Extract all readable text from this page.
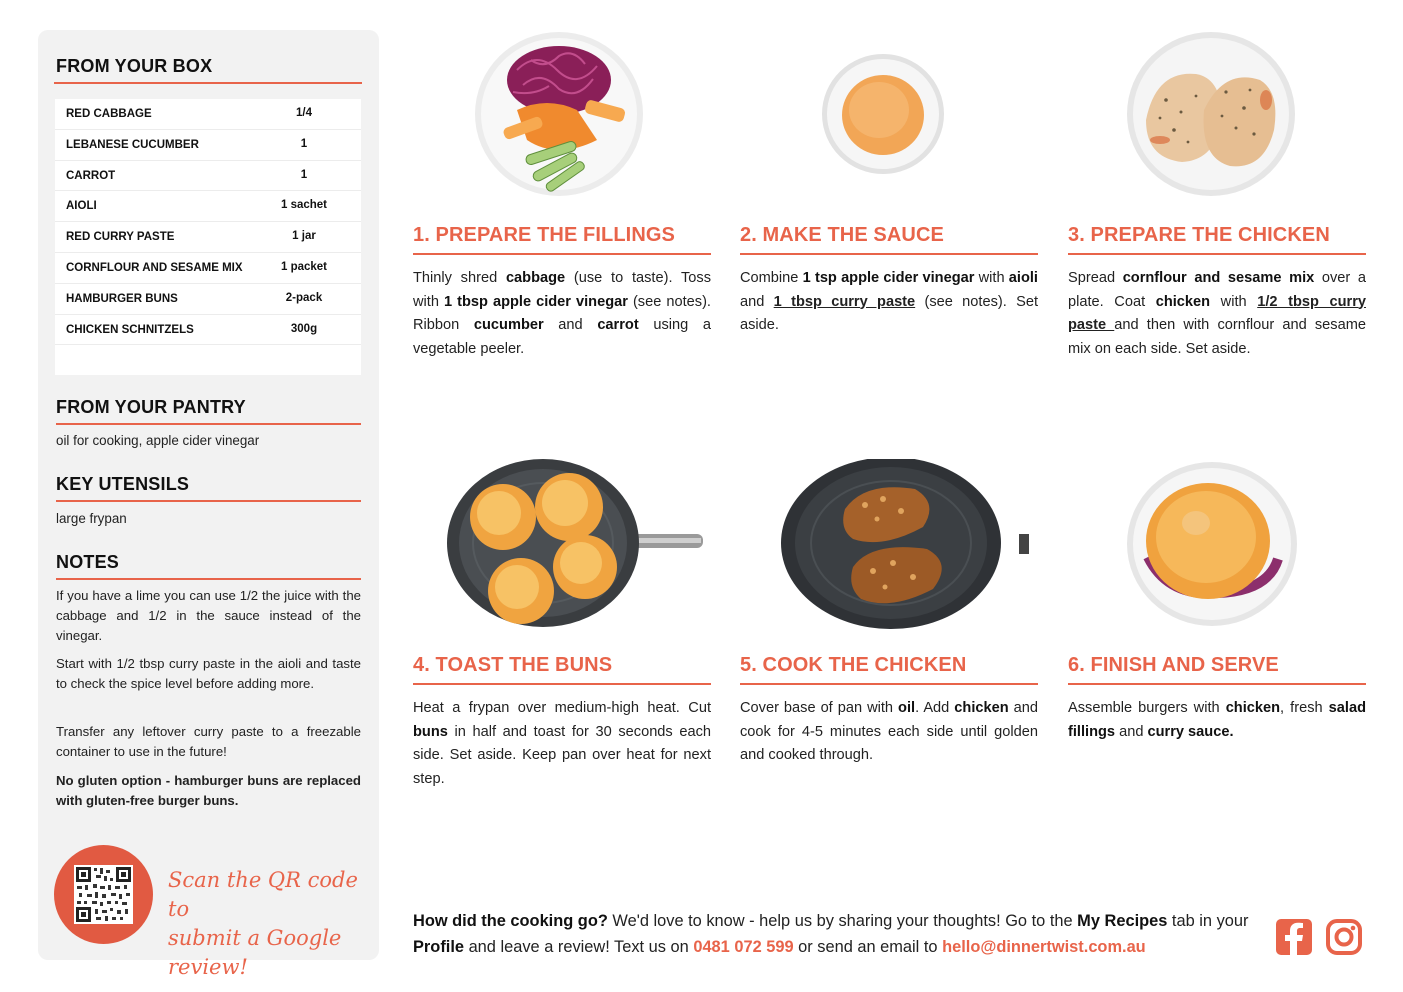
FROM YOUR BOX
RED CABBAGE	1/4
LEBANESE CUCUMBER	1
CARROT	1
AIOLI	1 sachet
RED CURRY PASTE	1 jar
CORNFLOUR AND SESAME MIX	1 packet
HAMBURGER BUNS	2-pack
CHICKEN SCHNITZELS	300g
FROM YOUR PANTRY
oil for cooking, apple cider vinegar
KEY UTENSILS
large frypan
NOTES
If you have a lime you can use 1/2 the juice with the cabbage and 1/2 in the sauce instead of the vinegar.
Start with 1/2 tbsp curry paste in the aioli and taste to check the spice level before adding more.
Transfer any leftover curry paste to a freezable container to use in the future!
No gluten option - hamburger buns are replaced with gluten-free burger buns.
Scan the QR code to
submit a Google review!
1. PREPARE THE FILLINGS
Thinly shred cabbage (use to taste). Toss with 1 tbsp apple cider vinegar (see notes). Ribbon cucumber and carrot using a vegetable peeler.
2. MAKE THE SAUCE
Combine 1 tsp apple cider vinegar with aioli and 1 tbsp curry paste (see notes). Set aside.
3. PREPARE THE CHICKEN
Spread cornflour and sesame mix over a plate. Coat chicken with 1/2 tbsp curry paste and then with cornflour and sesame mix on each side. Set aside.
4. TOAST THE BUNS
Heat a frypan over medium-high heat. Cut buns in half and toast for 30 seconds each side. Set aside. Keep pan over heat for next step.
5. COOK THE CHICKEN
Cover base of pan with oil. Add chicken and cook for 4-5 minutes each side until golden and cooked through.
6. FINISH AND SERVE
Assemble burgers with chicken, fresh salad fillings and curry sauce.
How did the cooking go? We'd love to know - help us by sharing your thoughts! Go to the My Recipes tab in your Profile and leave a review! Text us on 0481 072 599 or send an email to hello@dinnertwist.com.au
